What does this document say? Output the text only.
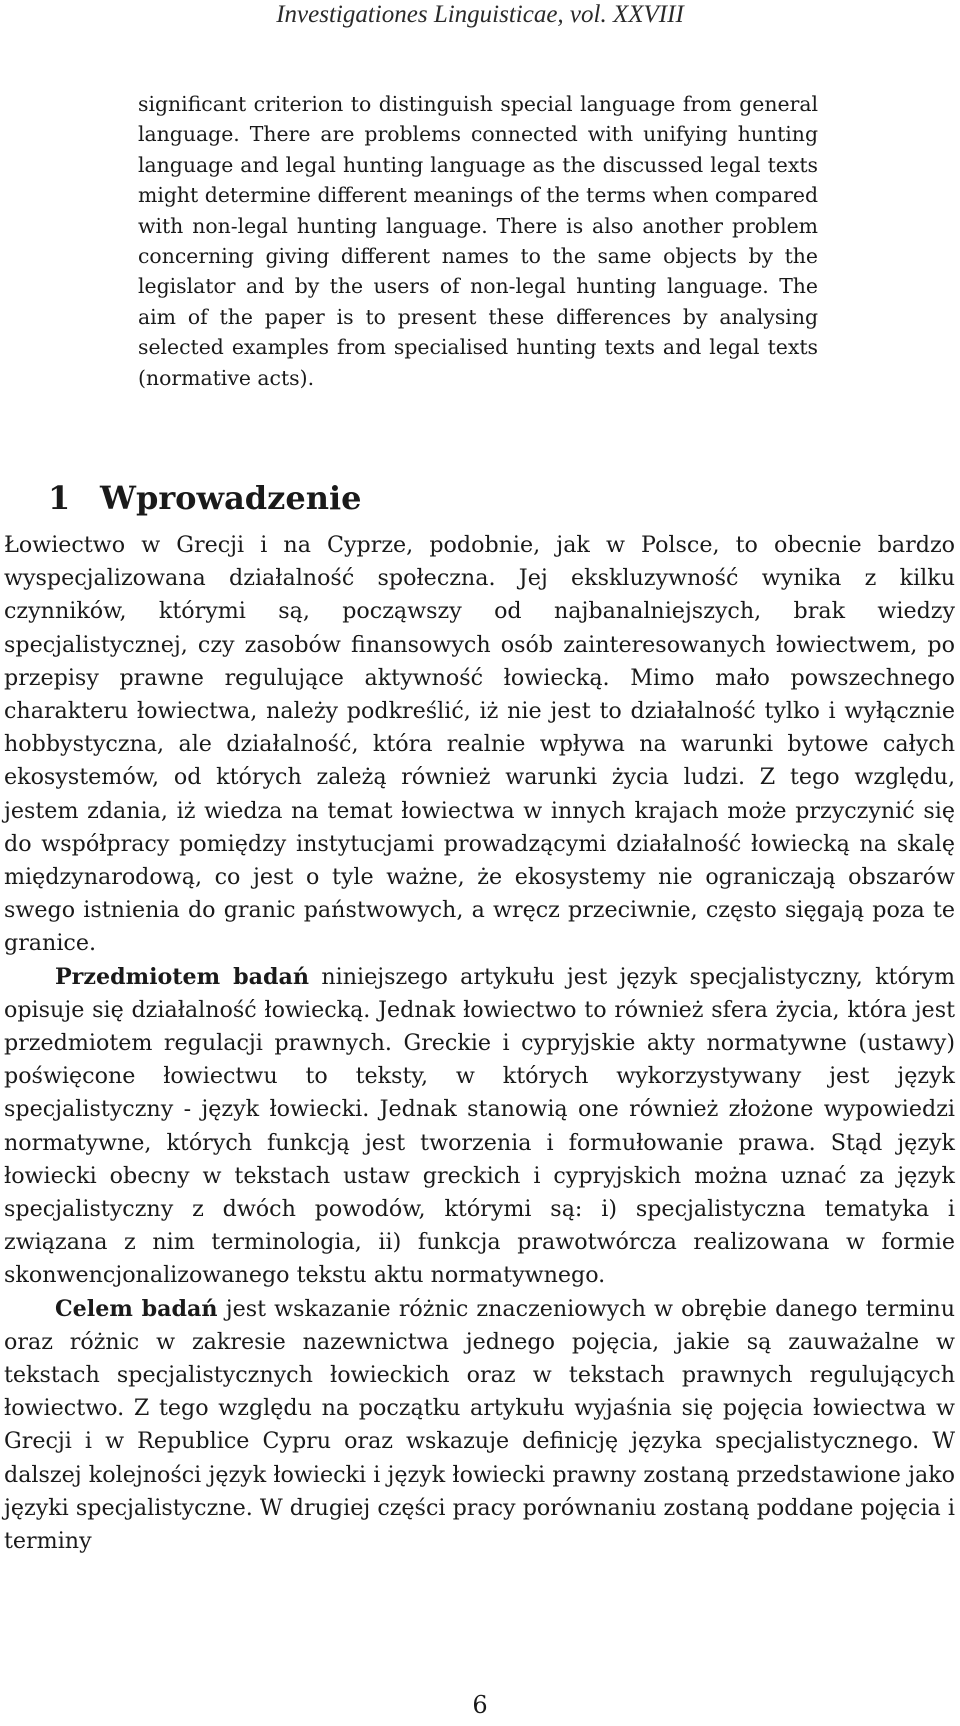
Investigationes Linguisticae, vol. XXVIII

significant criterion to distinguish special language from general language. There are problems connected with unifying hunting language and legal hunting language as the discussed legal texts might determine different meanings of the terms when compared with non-legal hunting language. There is also another problem concerning giving different names to the same objects by the legislator and by the users of non-legal hunting language. The aim of the paper is to present these differences by analysing selected examples from specialised hunting texts and legal texts (normative acts).

1 Wprowadzenie

Łowiectwo w Grecji i na Cyprze, podobnie, jak w Polsce, to obecnie bardzo wyspecjalizowana działalność społeczna. Jej ekskluzywność wynika z kilku czynników, którymi są, począwszy od najbanalniejszych, brak wiedzy specjalistycznej, czy zasobów finansowych osób zainteresowanych łowiectwem, po przepisy prawne regulujące aktywność łowiecką. Mimo mało powszechnego charakteru łowiectwa, należy podkreślić, iż nie jest to działalność tylko i wyłącznie hobbystyczna, ale działalność, która realnie wpływa na warunki bytowe całych ekosystemów, od których zależą również warunki życia ludzi. Z tego względu, jestem zdania, iż wiedza na temat łowiectwa w innych krajach może przyczynić się do współpracy pomiędzy instytucjami prowadzącymi działalność łowiecką na skalę międzynarodową, co jest o tyle ważne, że ekosystemy nie ograniczają obszarów swego istnienia do granic państwowych, a wręcz przeciwnie, często sięgają poza te granice.

Przedmiotem badań niniejszego artykułu jest język specjalistyczny, którym opisuje się działalność łowiecką. Jednak łowiectwo to również sfera życia, która jest przedmiotem regulacji prawnych. Greckie i cypryjskie akty normatywne (ustawy) poświęcone łowiectwu to teksty, w których wykorzystywany jest język specjalistyczny - język łowiecki. Jednak stanowią one również złożone wypowiedzi normatywne, których funkcją jest tworzenia i formułowanie prawa. Stąd język łowiecki obecny w tekstach ustaw greckich i cypryjskich można uznać za język specjalistyczny z dwóch powodów, którymi są: i) specjalistyczna tematyka i związana z nim terminologia, ii) funkcja prawotwórcza realizowana w formie skonwencjonalizowanego tekstu aktu normatywnego.

Celem badań jest wskazanie różnic znaczeniowych w obrębie danego terminu oraz różnic w zakresie nazewnictwa jednego pojęcia, jakie są zauważalne w tekstach specjalistycznych łowieckich oraz w tekstach prawnych regulujących łowiectwo. Z tego względu na początku artykułu wyjaśnia się pojęcia łowiectwa w Grecji i w Republice Cypru oraz wskazuje definicję języka specjalistycznego. W dalszej kolejności język łowiecki i język łowiecki prawny zostaną przedstawione jako języki specjalistyczne. W drugiej części pracy porównaniu zostaną poddane pojęcia i terminy

6
